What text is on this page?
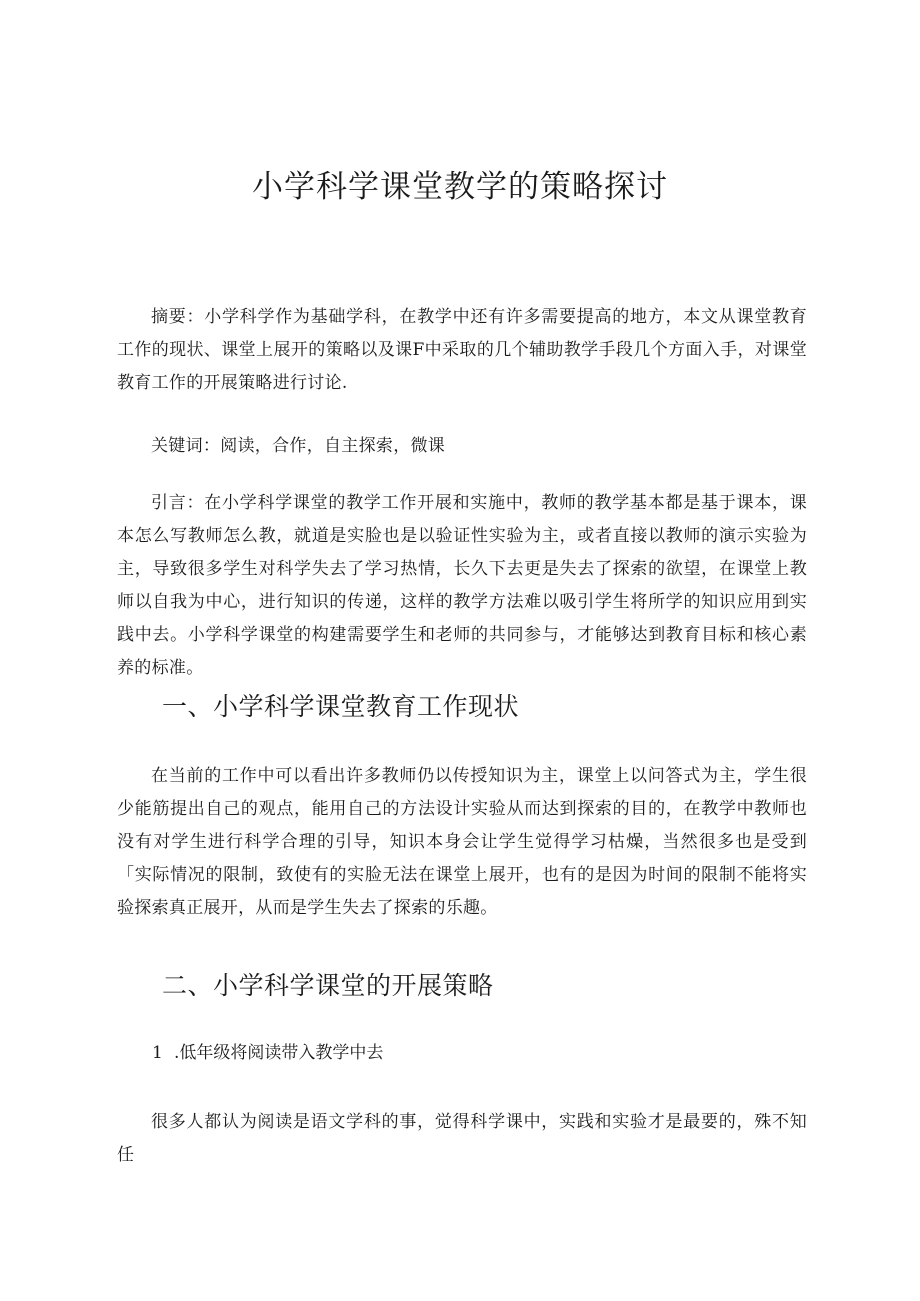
小学科学课堂教学的策略探讨

摘要：小学科学作为基础学科，在教学中还有许多需要提高的地方，本文从课堂教育工作的现状、课堂上展开的策略以及课F中采取的几个辅助教学手段几个方面入手，对课堂教育工作的开展策略进行讨论.

关键词：阅读，合作，自主探索，微课

引言：在小学科学课堂的教学工作开展和实施中，教师的教学基本都是基于课本，课本怎么写教师怎么教，就道是实脸也是以验证性实验为主，或者直接以教师的演示实验为主，导致很多学生对科学失去了学习热情，长久下去更是失去了探索的欲望，在课堂上教师以自我为中心，进行知识的传递，这样的教学方法难以吸引学生将所学的知识应用到实践中去。小学科学课堂的构建需要学生和老师的共同参与，才能够达到教育目标和核心素养的标准。

一、小学科学课堂教育工作现状

在当前的工作中可以看出许多教师仍以传授知识为主，课堂上以问答式为主，学生很少能筋提出自己的观点，能用自己的方法设计实验从而达到探索的目的，在教学中教师也没有对学生进行科学合理的引导，知识本身会让学生觉得学习枯燥，当然很多也是受到「实际情况的限制，致使有的实脸无法在课堂上展开，也有的是因为时间的限制不能将实验探索真正展开，从而是学生失去了探索的乐趣。

二、小学科学课堂的开展策略

1 .低年级将阅读带入教学中去

很多人都认为阅读是语文学科的事，觉得科学课中，实践和实验才是最要的，殊不知任
